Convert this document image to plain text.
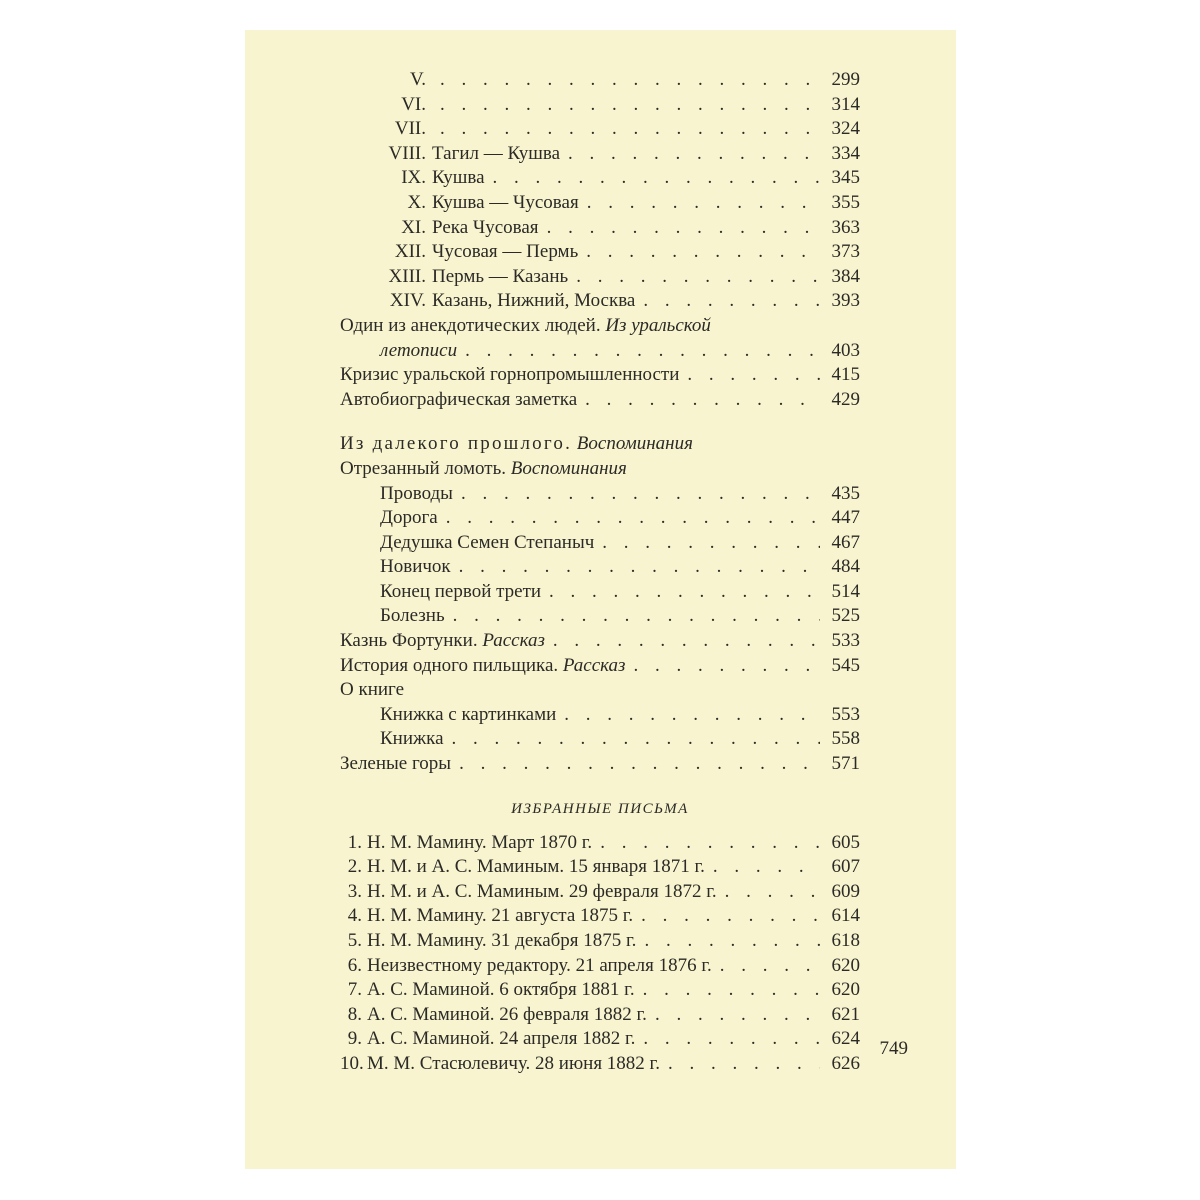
V. . . .	299
VI. . . .	314
VII. . . .	324
VIII. Тагил — Кушва . . .	334
IX. Кушва . . .	345
X. Кушва — Чусовая . . .	355
XI. Река Чусовая . . .	363
XII. Чусовая — Пермь . . .	373
XIII. Пермь — Казань . . .	384
XIV. Казань, Нижний, Москва . . .	393
Один из анекдотических людей. Из уральской
летописи . . .	403
Кризис уральской горнопромышленности . . .	415
Автобиографическая заметка . . .	429
Из далекого прошлого. Воспоминания
Отрезанный ломоть. Воспоминания
Проводы . . .	435
Дорога . . .	447
Дедушка Семен Степаныч . . .	467
Новичок . . .	484
Конец первой трети . . .	514
Болезнь . . .	525
Казнь Фортунки. Рассказ . . .	533
История одного пильщика. Рассказ . . .	545
О книге
Книжка с картинками . . .	553
Книжка . . .	558
Зеленые горы . . .	571
ИЗБРАННЫЕ ПИСЬМА
1. Н. М. Мамину. Март 1870 г. . . .	605
2. Н. М. и А. С. Маминым. 15 января 1871 г. . . .	607
3. Н. М. и А. С. Маминым. 29 февраля 1872 г. . . .	609
4. Н. М. Мамину. 21 августа 1875 г. . . .	614
5. Н. М. Мамину. 31 декабря 1875 г. . . .	618
6. Неизвестному редактору. 21 апреля 1876 г. . . .	620
7. А. С. Маминой. 6 октября 1881 г. . . .	620
8. А. С. Маминой. 26 февраля 1882 г. . . .	621
9. А. С. Маминой. 24 апреля 1882 г. . . .	624
10. М. М. Стасюлевичу. 28 июня 1882 г. . . .	626
749
